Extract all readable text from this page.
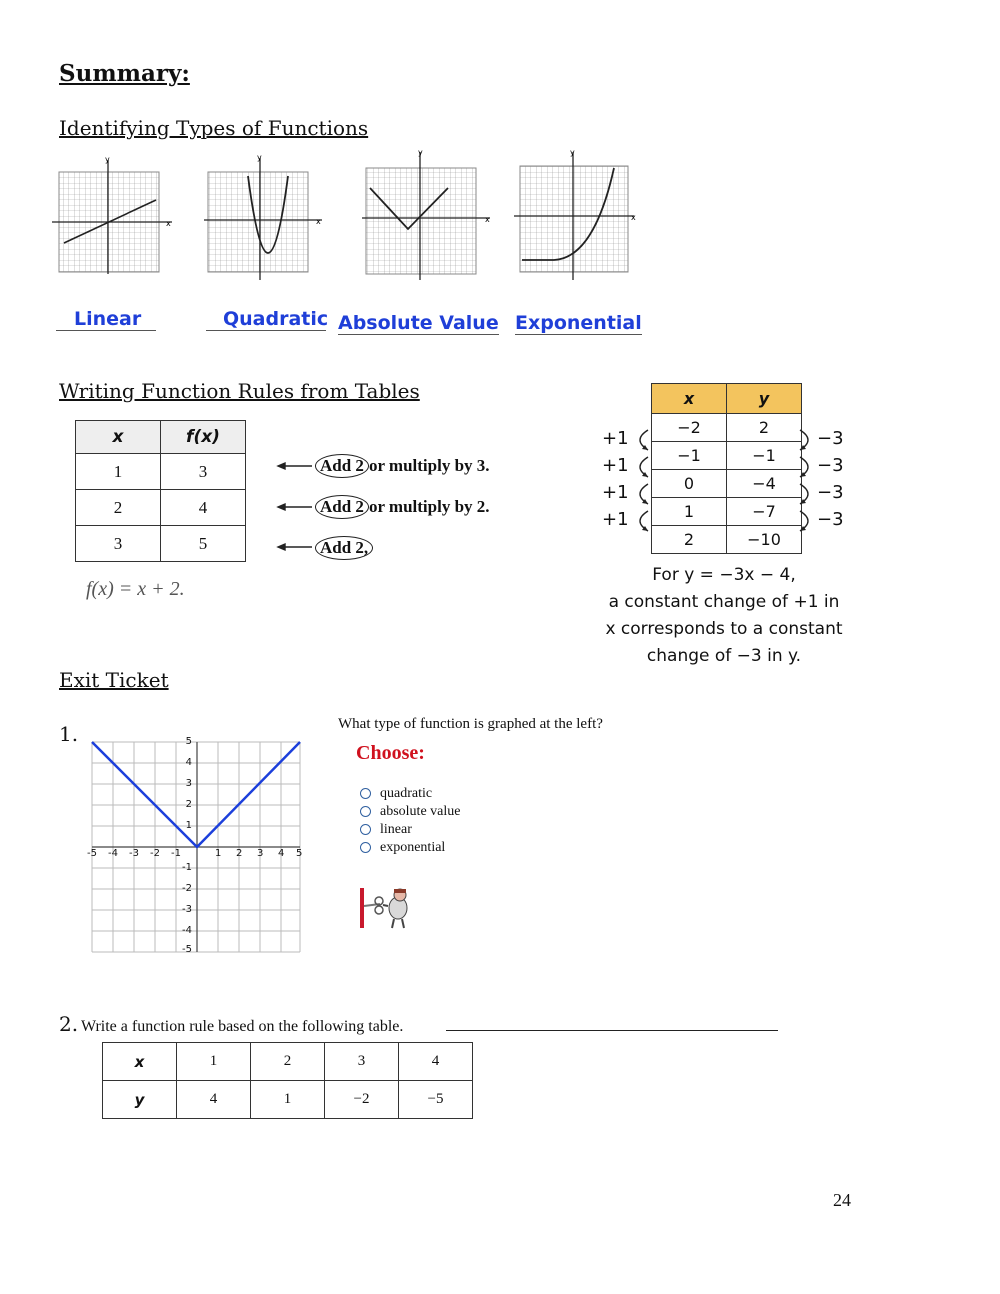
Summary:
Identifying Types of Functions
x
y
x
y
x
y
x
y
Linear	Quadratic Absolute Value Exponential
Writing Function Rules from Tables
x	f(x)
1	3
2	4
3	5
Add 2 or multiply by 3.
Add 2 or multiply by 2.
Add 2,
f(x) = x + 2.
x	y
−2	2
−1	−1
0	−4
1	−7
2	−10
+1
+1
+1
+1
−3
−3
−3
−3
For y = −3x − 4,
a constant change of +1 in
x corresponds to a constant
change of −3 in y.
Exit Ticket
1.
-5 -4 -3 -2 -1	1 2 3 4 5
5
4
3
2
1
-1
-2
-3
-4
-5
What type of function is graphed at the left?
Choose:
quadratic
absolute value
linear
exponential
2. Write a function rule based on the following table.
x	1	2	3	4
y	4	1	−2	−5
24
